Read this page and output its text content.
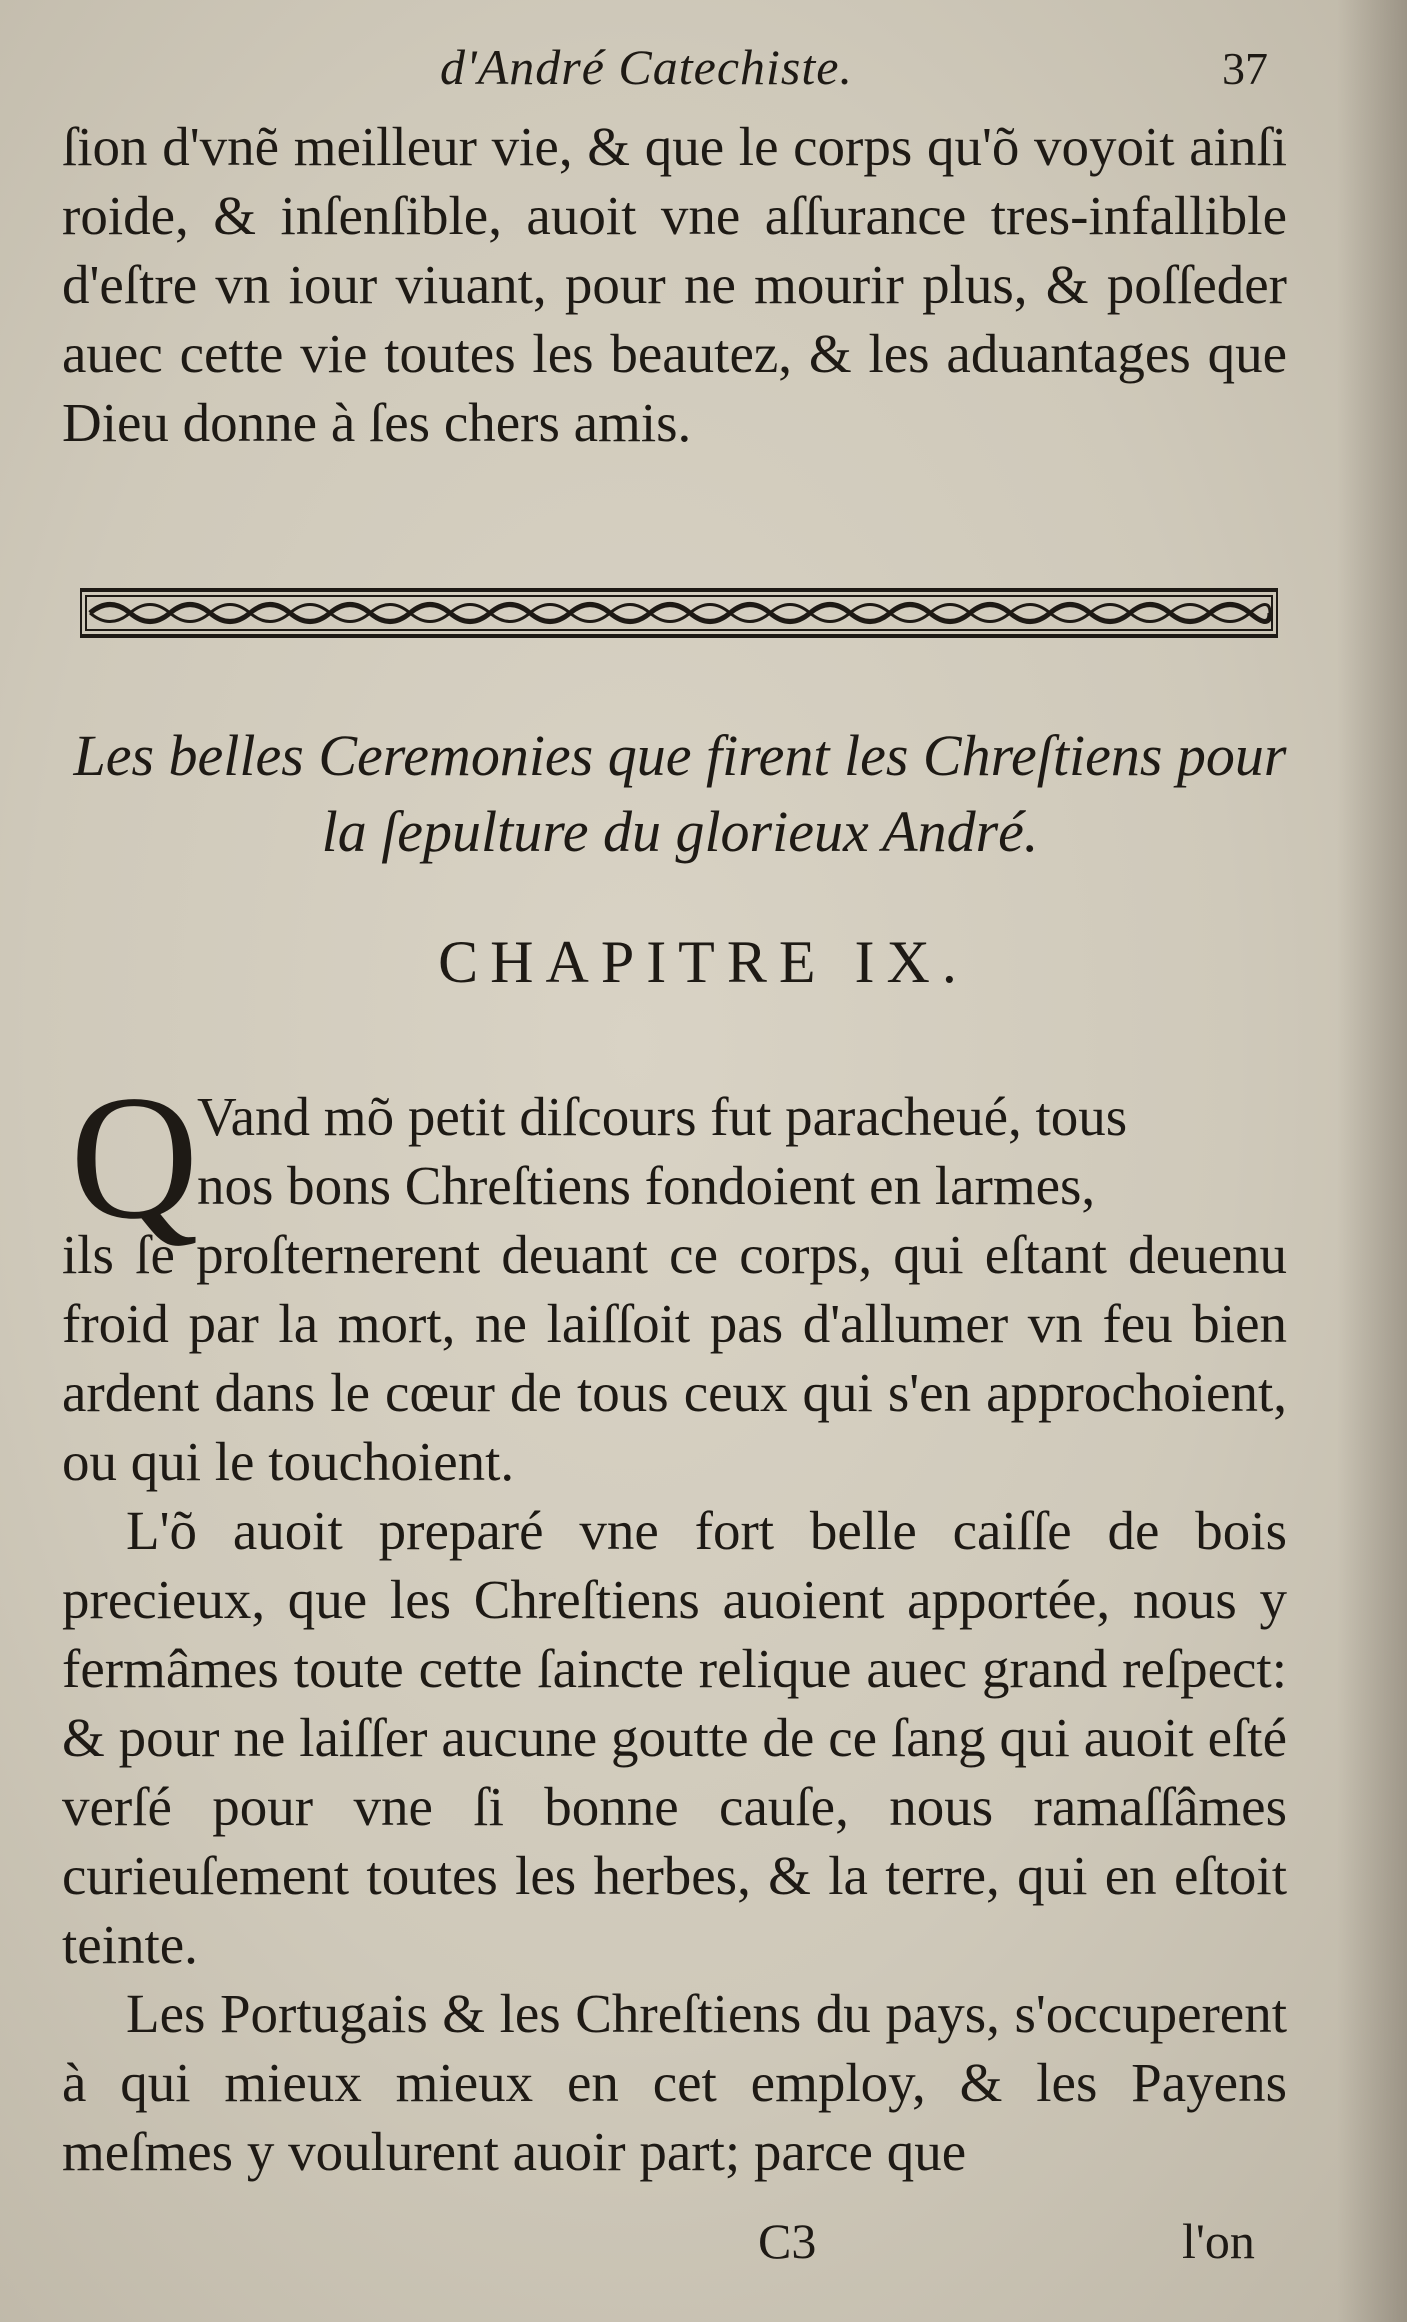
d'André Catechiste.	37

ſion d'vnẽ meilleur vie, & que le corps qu'õ voyoit ainſi roide, & inſenſible, auoit vne aſſurance tres-infallible d'eſtre vn iour viuant, pour ne mourir plus, & poſſeder auec cette vie toutes les beautez, & les aduantages que Dieu donne à ſes chers amis.

Les belles Ceremonies que firent les Chreſtiens pour la ſepulture du glorieux André.
CHAPITRE IX.
Q

Vand mõ petit diſcours fut paracheué, tous
nos bons Chreſtiens fondoient en larmes,
ils ſe proſternerent deuant ce corps, qui eſtant deuenu froid par la mort, ne laiſſoit pas d'allumer vn feu bien ardent dans le cœur de tous ceux qui s'en approchoient, ou qui le touchoient.

L'õ auoit preparé vne fort belle caiſſe de bois precieux, que les Chreſtiens auoient apportée, nous y fermâmes toute cette ſaincte relique auec grand reſpect: & pour ne laiſſer aucune goutte de ce ſang qui auoit eſté verſé pour vne ſi bonne cauſe, nous ramaſſâmes curieuſement toutes les herbes, & la terre, qui en eſtoit teinte.

Les Portugais & les Chreſtiens du pays, s'occuperent à qui mieux mieux en cet employ, & les Payens meſmes y voulurent auoir part; parce que

C3	l'on
